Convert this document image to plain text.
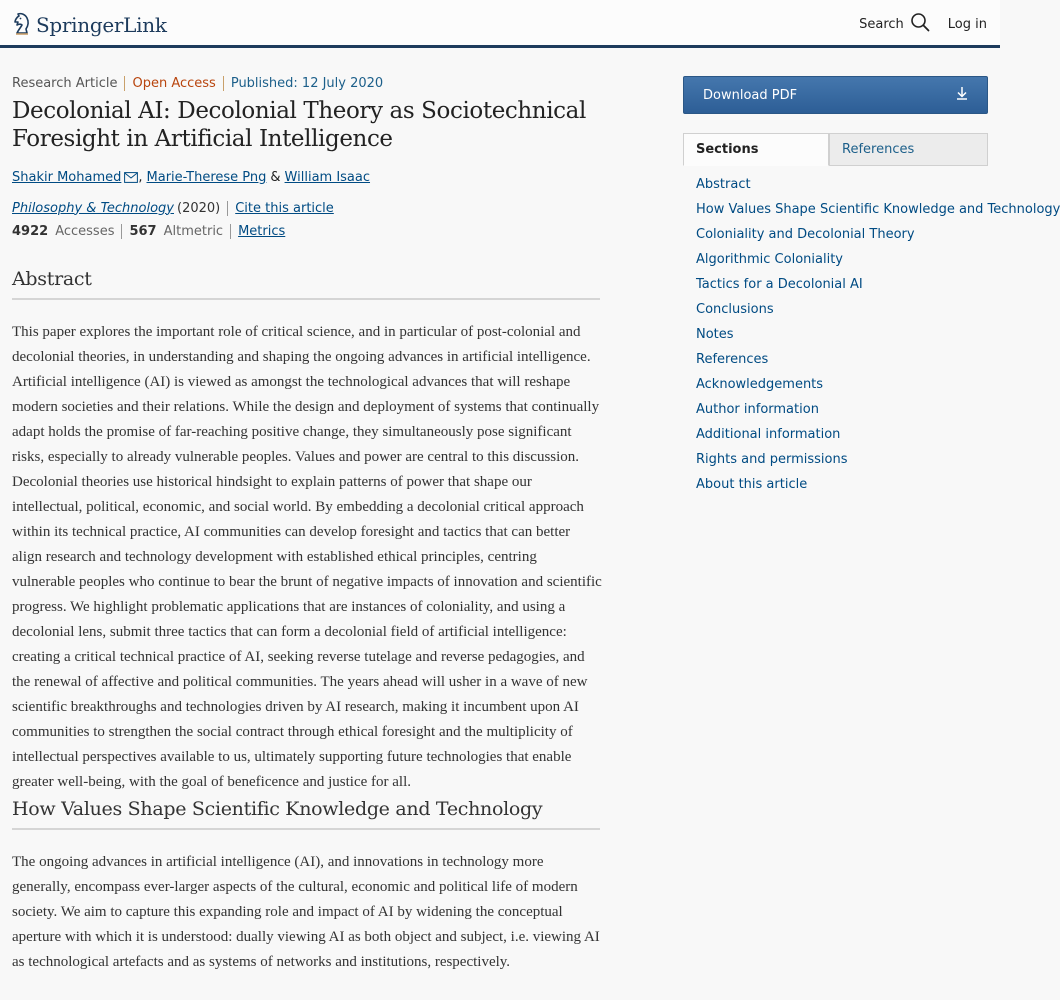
SpringerLink	Search	Log in
Research Article Open Access Published: 12 July 2020
Decolonial AI: Decolonial Theory as Sociotechnical Foresight in Artificial Intelligence
Shakir Mohamed , Marie-Therese Png & William Isaac
Philosophy & Technology (2020) Cite this article
4922 Accesses 567 Altmetric Metrics
Abstract

This paper explores the important role of critical science, and in particular of post-colonial and decolonial theories, in understanding and shaping the ongoing advances in artificial intelligence. Artificial intelligence (AI) is viewed as amongst the technological advances that will reshape modern societies and their relations. While the design and deployment of systems that continually adapt holds the promise of far-reaching positive change, they simultaneously pose significant risks, especially to already vulnerable peoples. Values and power are central to this discussion. Decolonial theories use historical hindsight to explain patterns of power that shape our intellectual, political, economic, and social world. By embedding a decolonial critical approach within its technical practice, AI communities can develop foresight and tactics that can better align research and technology development with established ethical principles, centring vulnerable peoples who continue to bear the brunt of negative impacts of innovation and scientific progress. We highlight problematic applications that are instances of coloniality, and using a decolonial lens, submit three tactics that can form a decolonial field of artificial intelligence: creating a critical technical practice of AI, seeking reverse tutelage and reverse pedagogies, and the renewal of affective and political communities. The years ahead will usher in a wave of new scientific breakthroughs and technologies driven by AI research, making it incumbent upon AI communities to strengthen the social contract through ethical foresight and the multiplicity of intellectual perspectives available to us, ultimately supporting future technologies that enable greater well-being, with the goal of beneficence and justice for all.

How Values Shape Scientific Knowledge and Technology

The ongoing advances in artificial intelligence (AI), and innovations in technology more generally, encompass ever-larger aspects of the cultural, economic and political life of modern society. We aim to capture this expanding role and impact of AI by widening the conceptual aperture with which it is understood: dually viewing AI as both object and subject, i.e. viewing AI as technological artefacts and as systems of networks and institutions, respectively.

Download PDF
Sections	References
Abstract
How Values Shape Scientific Knowledge and Technology
Coloniality and Decolonial Theory
Algorithmic Coloniality
Tactics for a Decolonial AI
Conclusions
Notes
References
Acknowledgements
Author information
Additional information
Rights and permissions
About this article
